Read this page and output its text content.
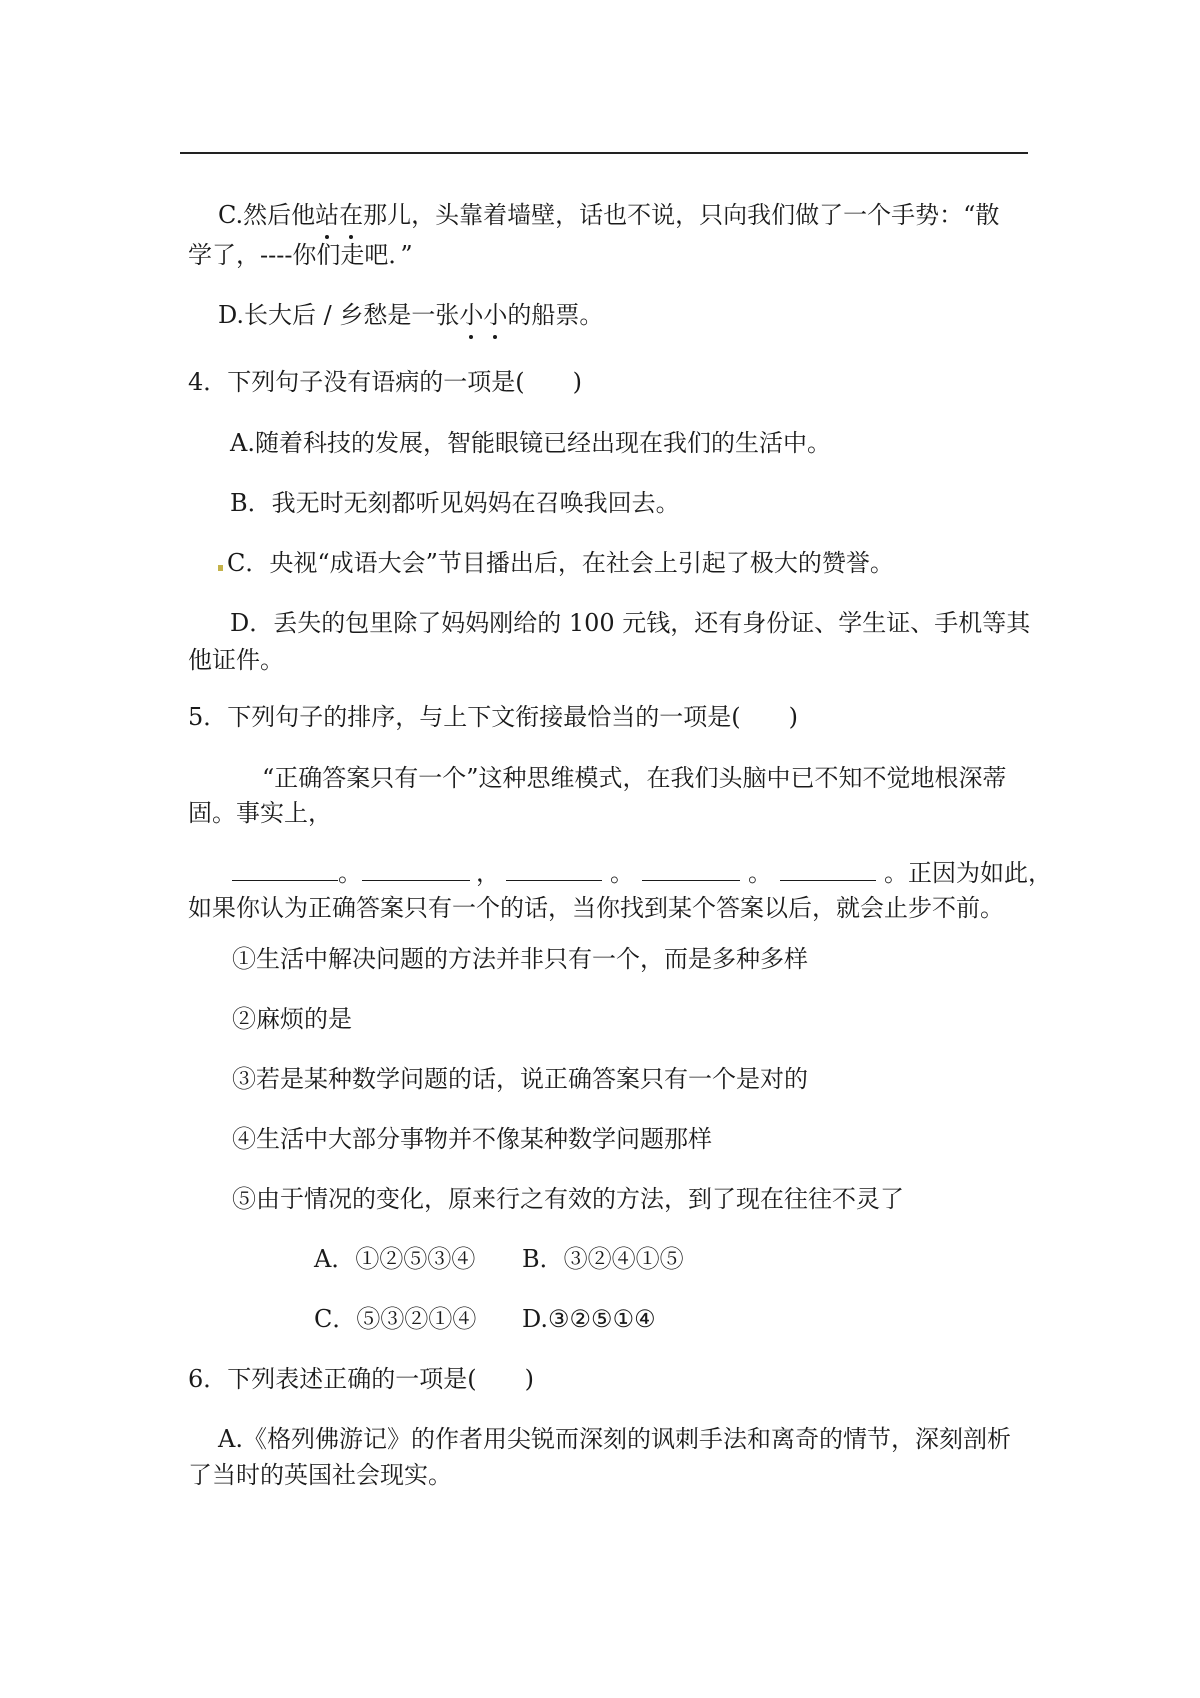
C.然后他站在那儿，头靠着墙壁，话也不说，只向我们做了一个手势：“散
学了，----你们走吧．”
D.长大后 / 乡愁是一张小小的船票。
4．下列句子没有语病的一项是(　　)
A.随着科技的发展，智能眼镜已经出现在我们的生活中。
B．我无时无刻都听见妈妈在召唤我回去。
C．央视“成语大会”节目播出后，在社会上引起了极大的赞誉。
D．丢失的包里除了妈妈刚给的 100 元钱，还有身份证、学生证、手机等其
他证件。
5．下列句子的排序，与上下文衔接最恰当的一项是(　　)
“正确答案只有一个”这种思维模式，在我们头脑中已不知不觉地根深蒂
固。事实上，
。	，	。	。	。正因为如此，
如果你认为正确答案只有一个的话，当你找到某个答案以后，就会止步不前。
①生活中解决问题的方法并非只有一个，而是多种多样
②麻烦的是
③若是某种数学问题的话，说正确答案只有一个是对的
④生活中大部分事物并不像某种数学问题那样
⑤由于情况的变化，原来行之有效的方法，到了现在往往不灵了
A．①②⑤③④ B．③②④①⑤
C．⑤③②①④ D.③②⑤①④
6．下列表述正确的一项是(　　)
A.《格列佛游记》的作者用尖锐而深刻的讽刺手法和离奇的情节，深刻剖析
了当时的英国社会现实。
